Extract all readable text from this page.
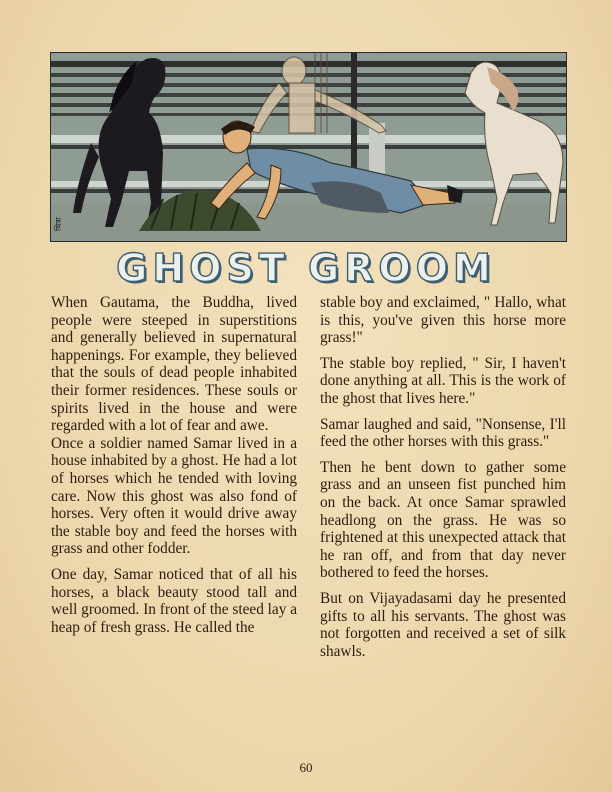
चित्रा
GHOST GROOM

When Gautama, the Buddha, lived people were steeped in superstitions and generally believed in supernatural happenings. For example, they believed that the souls of dead people inhabited their former residences. These souls or spirits lived in the house and were regarded with a lot of fear and awe.

Once a soldier named Samar lived in a house inhabited by a ghost. He had a lot of horses which he tended with loving care. Now this ghost was also fond of horses. Very often it would drive away the stable boy and feed the horses with grass and other fodder.

One day, Samar noticed that of all his horses, a black beauty stood tall and well groomed. In front of the steed lay a heap of fresh grass. He called the

stable boy and exclaimed, " Hallo, what is this, you've given this horse more grass!"

The stable boy replied, " Sir, I haven't done anything at all. This is the work of the ghost that lives here."

Samar laughed and said, "Nonsense, I'll feed the other horses with this grass."

Then he bent down to gather some grass and an unseen fist punched him on the back. At once Samar sprawled headlong on the grass. He was so frightened at this unexpected attack that he ran off, and from that day never bothered to feed the horses.

But on Vijayadasami day he presented gifts to all his servants. The ghost was not forgotten and received a set of silk shawls.

60
